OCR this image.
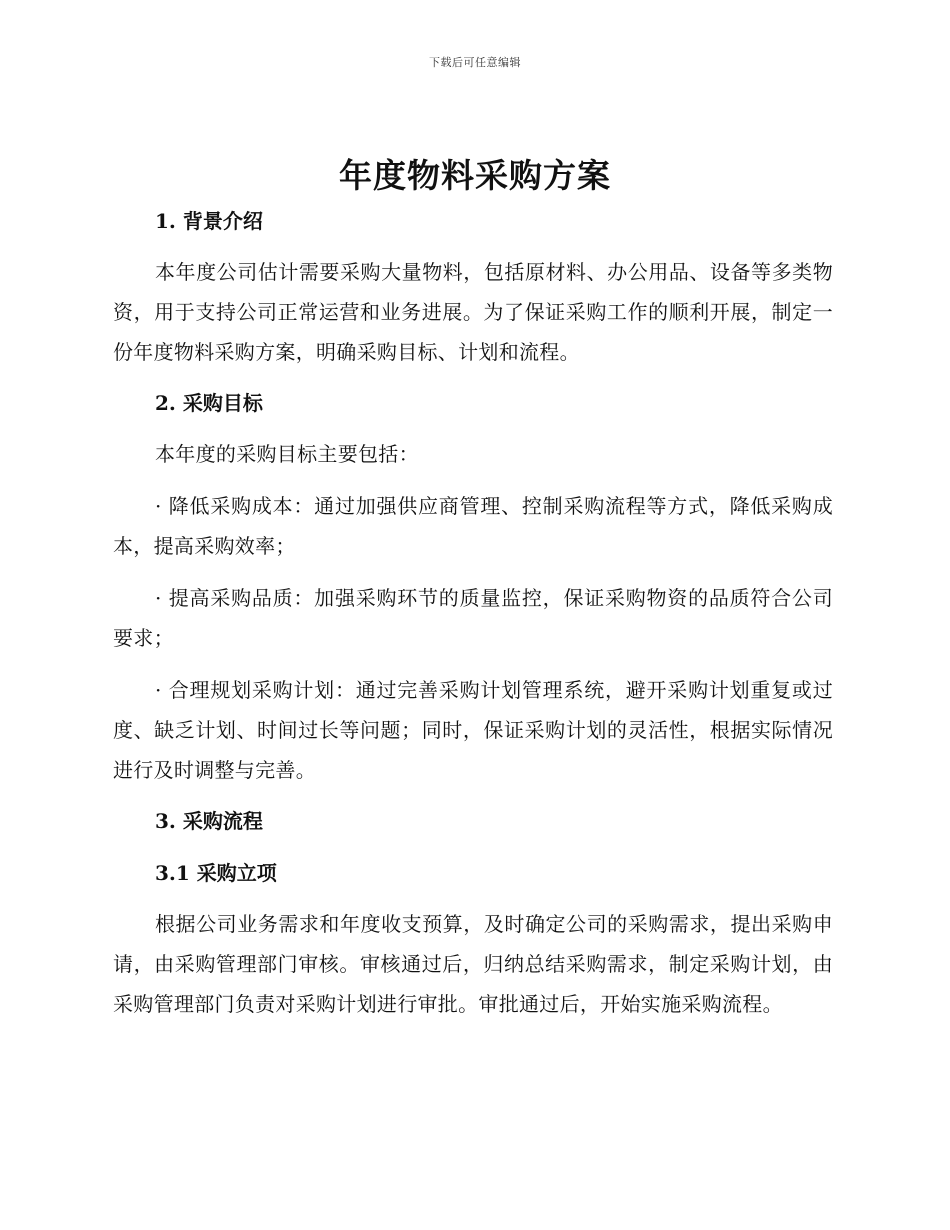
下载后可任意编辑
年度物料采购方案

1. 背景介绍

本年度公司估计需要采购大量物料，包括原材料、办公用品、设备等多类物资，用于支持公司正常运营和业务进展。为了保证采购工作的顺利开展，制定一份年度物料采购方案，明确采购目标、计划和流程。

2. 采购目标

本年度的采购目标主要包括：

· 降低采购成本：通过加强供应商管理、控制采购流程等方式，降低采购成本，提高采购效率；

· 提高采购品质：加强采购环节的质量监控，保证采购物资的品质符合公司要求；

· 合理规划采购计划：通过完善采购计划管理系统，避开采购计划重复或过度、缺乏计划、时间过长等问题；同时，保证采购计划的灵活性，根据实际情况进行及时调整与完善。

3. 采购流程

3.1 采购立项

根据公司业务需求和年度收支预算，及时确定公司的采购需求，提出采购申请，由采购管理部门审核。审核通过后，归纳总结采购需求，制定采购计划，由采购管理部门负责对采购计划进行审批。审批通过后，开始实施采购流程。
